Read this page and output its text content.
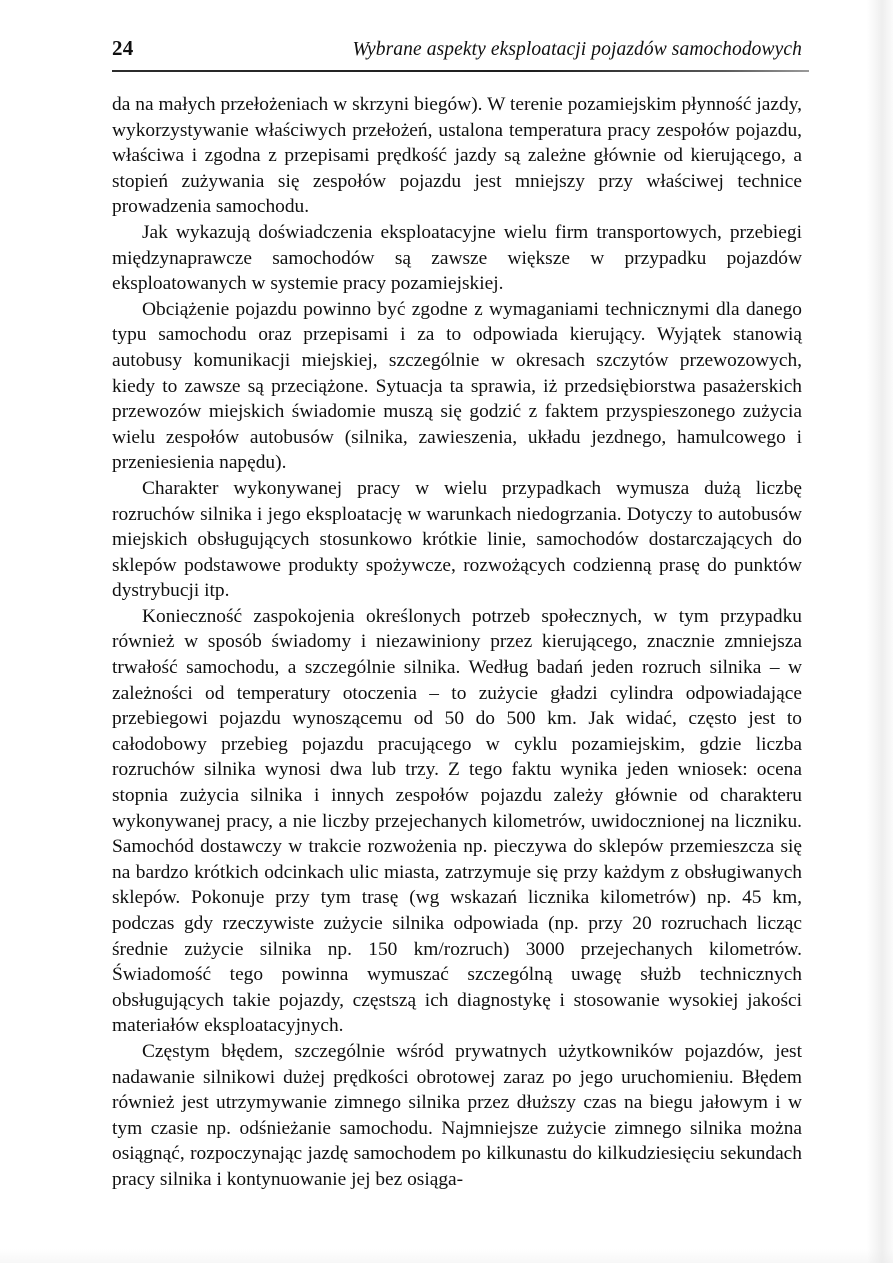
24	Wybrane aspekty eksploatacji pojazdów samochodowych

da na małych przełożeniach w skrzyni biegów). W terenie pozamiejskim płynność jazdy, wykorzystywanie właściwych przełożeń, ustalona temperatura pracy zespołów pojazdu, właściwa i zgodna z przepisami prędkość jazdy są zależne głównie od kierującego, a stopień zużywania się zespołów pojazdu jest mniejszy przy właściwej technice prowadzenia samochodu.

Jak wykazują doświadczenia eksploatacyjne wielu firm transportowych, przebiegi międzynaprawcze samochodów są zawsze większe w przypadku pojazdów eksploatowanych w systemie pracy pozamiejskiej.

Obciążenie pojazdu powinno być zgodne z wymaganiami technicznymi dla danego typu samochodu oraz przepisami i za to odpowiada kierujący. Wyjątek stanowią autobusy komunikacji miejskiej, szczególnie w okresach szczytów przewozowych, kiedy to zawsze są przeciążone. Sytuacja ta sprawia, iż przedsiębiorstwa pasażerskich przewozów miejskich świadomie muszą się godzić z faktem przyspieszonego zużycia wielu zespołów autobusów (silnika, zawieszenia, układu jezdnego, hamulcowego i przeniesienia napędu).

Charakter wykonywanej pracy w wielu przypadkach wymusza dużą liczbę rozruchów silnika i jego eksploatację w warunkach niedogrzania. Dotyczy to autobusów miejskich obsługujących stosunkowo krótkie linie, samochodów dostarczających do sklepów podstawowe produkty spożywcze, rozwożących codzienną prasę do punktów dystrybucji itp.

Konieczność zaspokojenia określonych potrzeb społecznych, w tym przypadku również w sposób świadomy i niezawiniony przez kierującego, znacznie zmniejsza trwałość samochodu, a szczególnie silnika. Według badań jeden rozruch silnika – w zależności od temperatury otoczenia – to zużycie gładzi cylindra odpowiadające przebiegowi pojazdu wynoszącemu od 50 do 500 km. Jak widać, często jest to całodobowy przebieg pojazdu pracującego w cyklu pozamiejskim, gdzie liczba rozruchów silnika wynosi dwa lub trzy. Z tego faktu wynika jeden wniosek: ocena stopnia zużycia silnika i innych zespołów pojazdu zależy głównie od charakteru wykonywanej pracy, a nie liczby przejechanych kilometrów, uwidocznionej na liczniku. Samochód dostawczy w trakcie rozwożenia np. pieczywa do sklepów przemieszcza się na bardzo krótkich odcinkach ulic miasta, zatrzymuje się przy każdym z obsługiwanych sklepów. Pokonuje przy tym trasę (wg wskazań licznika kilometrów) np. 45 km, podczas gdy rzeczywiste zużycie silnika odpowiada (np. przy 20 rozruchach licząc średnie zużycie silnika np. 150 km/rozruch) 3000 przejechanych kilometrów. Świadomość tego powinna wymuszać szczególną uwagę służb technicznych obsługujących takie pojazdy, częstszą ich diagnostykę i stosowanie wysokiej jakości materiałów eksploatacyjnych.

Częstym błędem, szczególnie wśród prywatnych użytkowników pojazdów, jest nadawanie silnikowi dużej prędkości obrotowej zaraz po jego uruchomieniu. Błędem również jest utrzymywanie zimnego silnika przez dłuższy czas na biegu jałowym i w tym czasie np. odśnieżanie samochodu. Najmniejsze zużycie zimnego silnika można osiągnąć, rozpoczynając jazdę samochodem po kilkunastu do kilkudziesięciu sekundach pracy silnika i kontynuowanie jej bez osiąga-
